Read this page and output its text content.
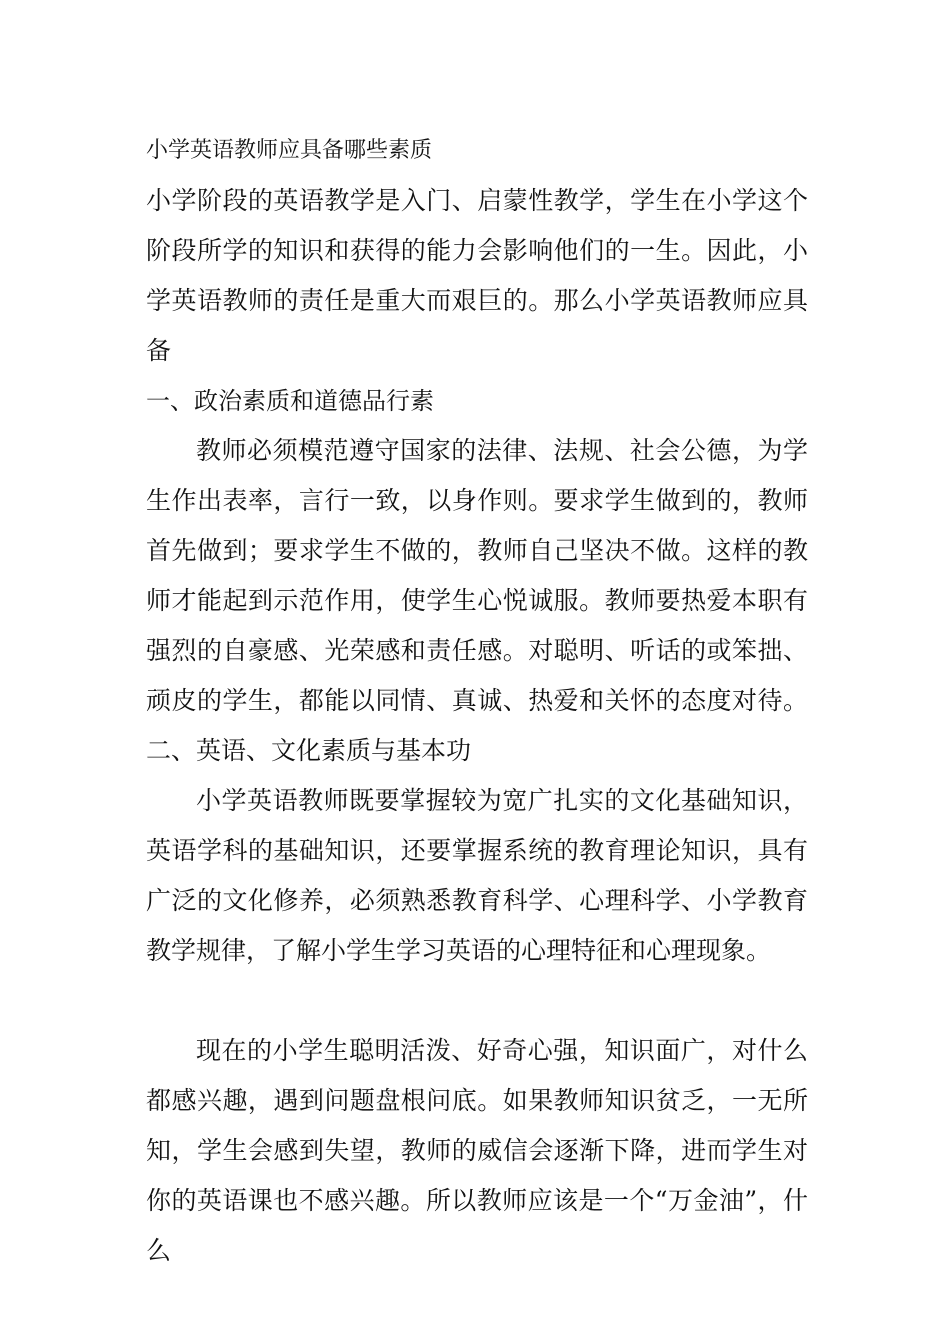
小学英语教师应具备哪些素质

小学阶段的英语教学是入门、启蒙性教学，学生在小学这个阶段所学的知识和获得的能力会影响他们的一生。因此，小学英语教师的责任是重大而艰巨的。那么小学英语教师应具备

一、政治素质和道德品行素

教师必须模范遵守国家的法律、法规、社会公德，为学生作出表率，言行一致，以身作则。要求学生做到的，教师首先做到；要求学生不做的，教师自己坚决不做。这样的教师才能起到示范作用，使学生心悦诚服。教师要热爱本职有强烈的自豪感、光荣感和责任感。对聪明、听话的或笨拙、顽皮的学生，都能以同情、真诚、热爱和关怀的态度对待。二、英语、文化素质与基本功

小学英语教师既要掌握较为宽广扎实的文化基础知识，英语学科的基础知识，还要掌握系统的教育理论知识，具有广泛的文化修养，必须熟悉教育科学、心理科学、小学教育教学规律，了解小学生学习英语的心理特征和心理现象。

现在的小学生聪明活泼、好奇心强，知识面广，对什么都感兴趣，遇到问题盘根问底。如果教师知识贫乏，一无所知，学生会感到失望，教师的威信会逐渐下降，进而学生对你的英语课也不感兴趣。所以教师应该是一个“万金油”，什么
